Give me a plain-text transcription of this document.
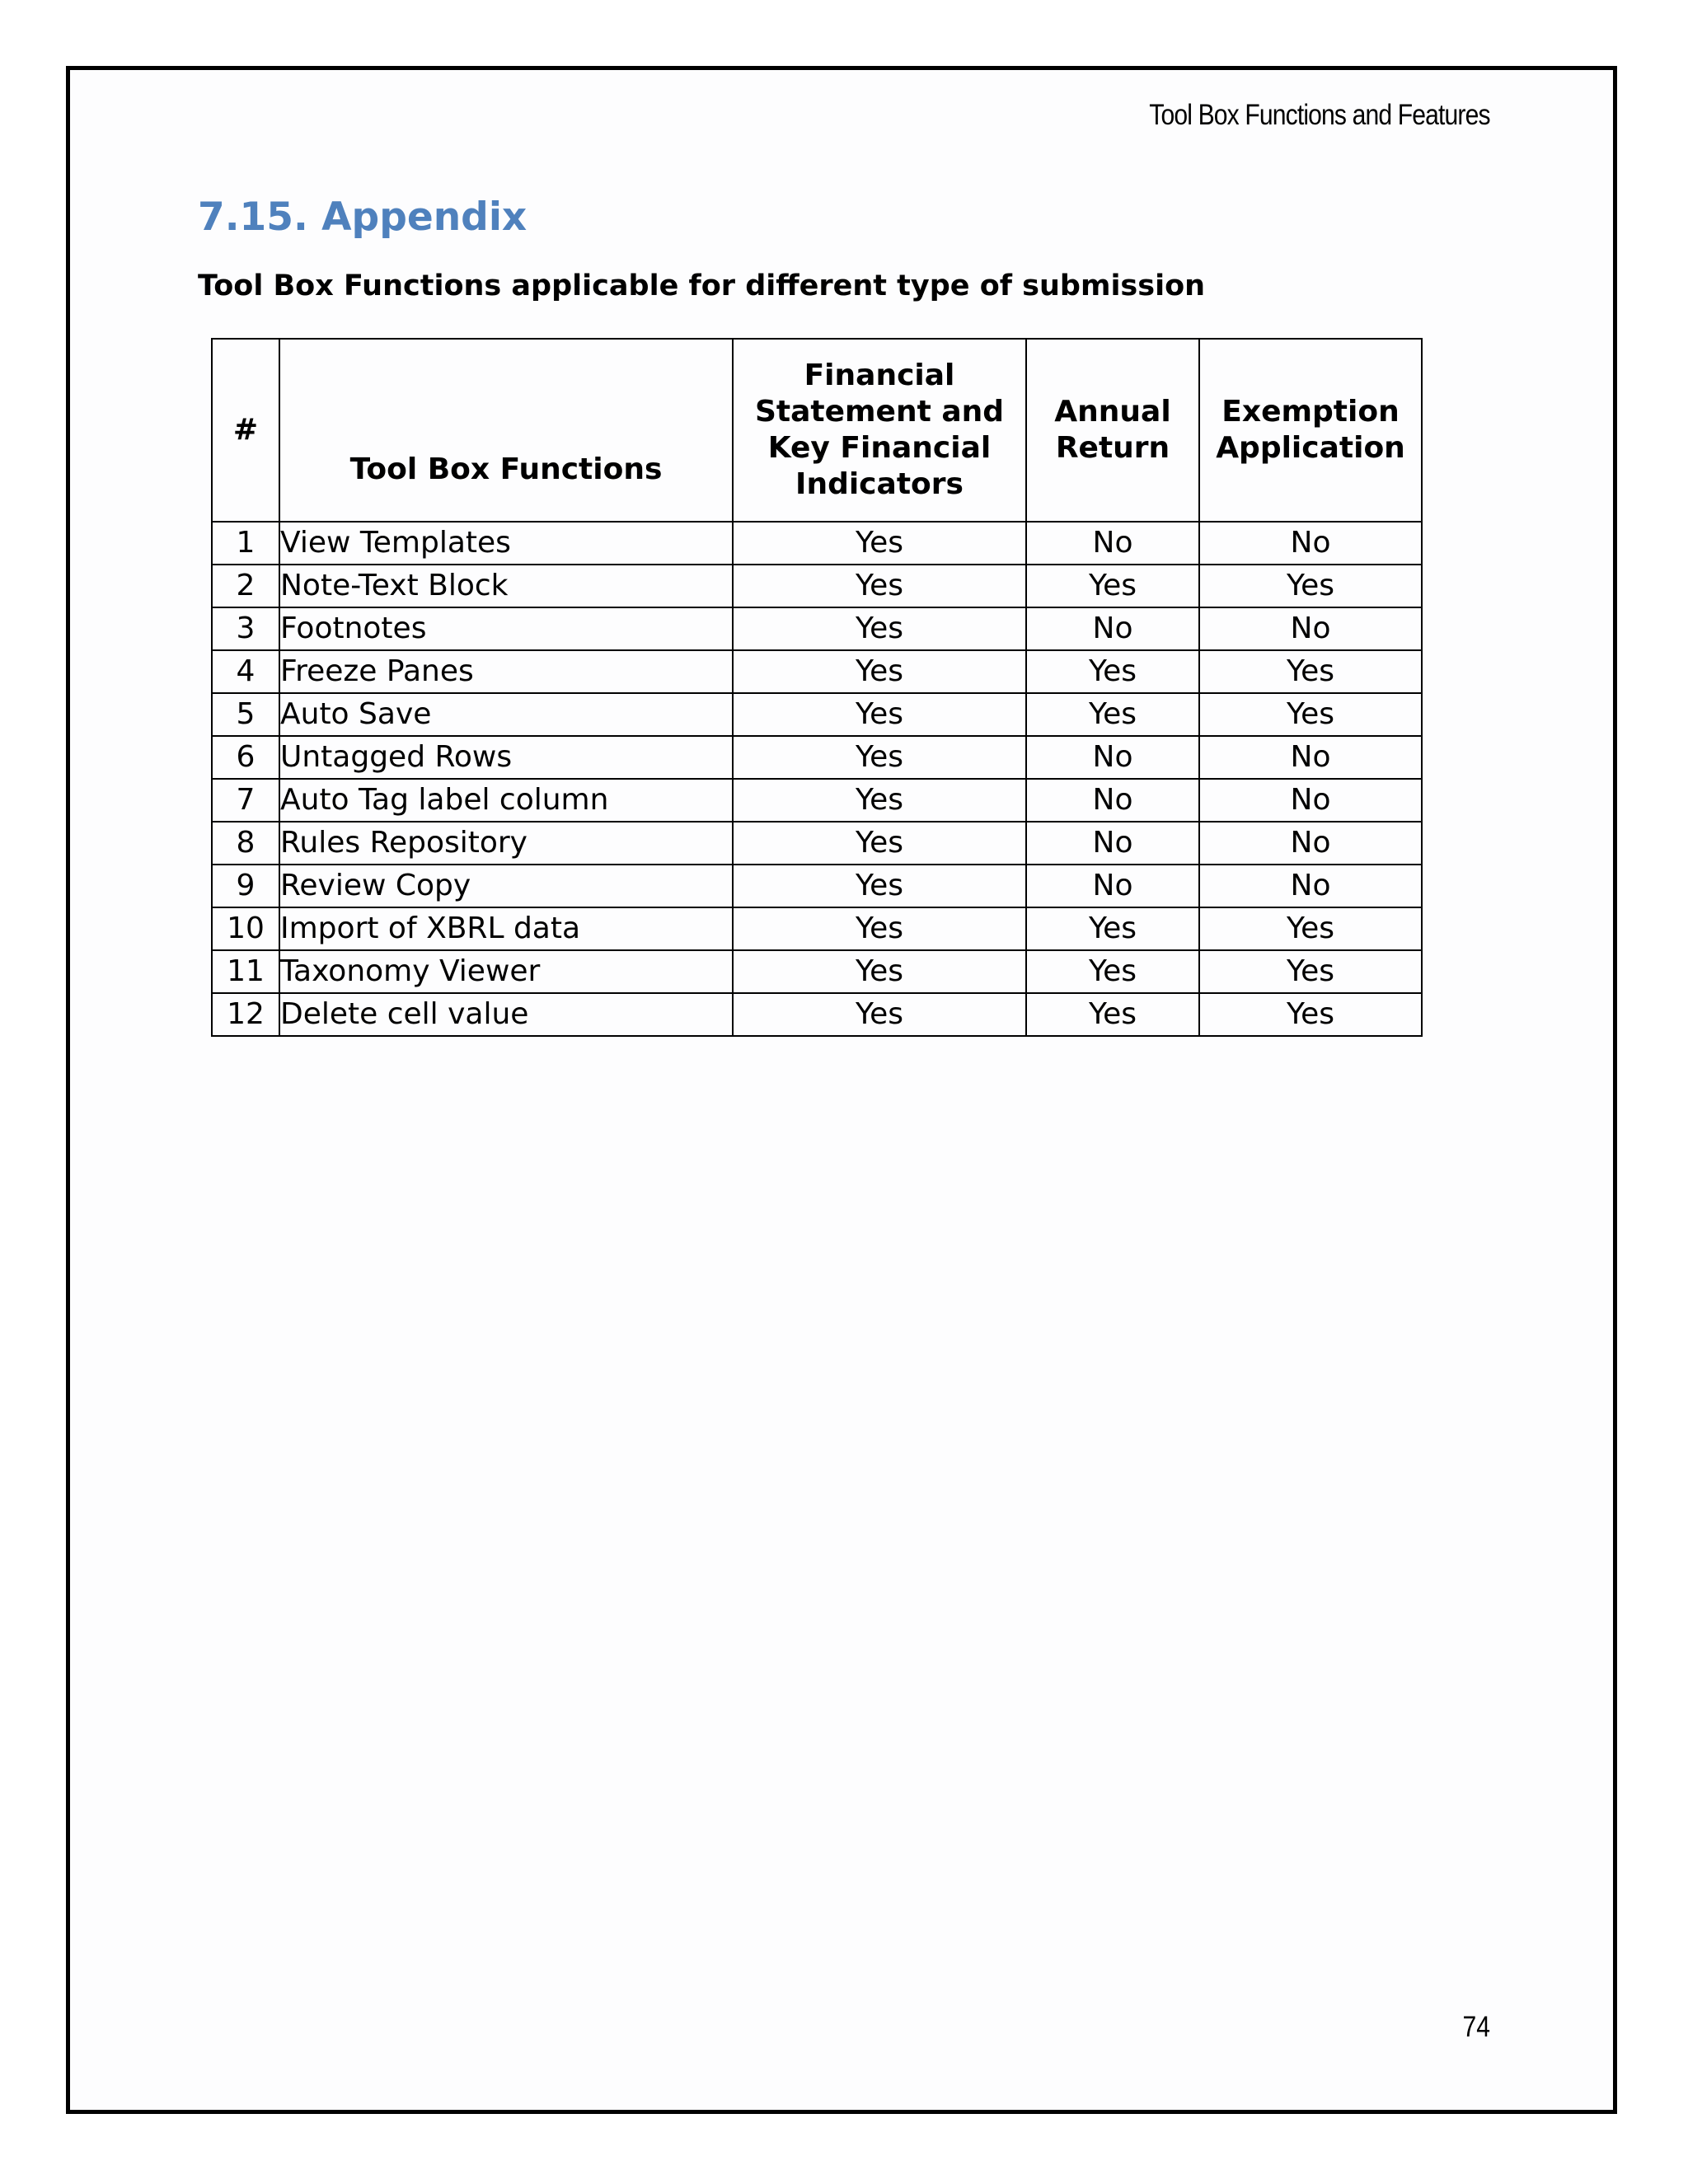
Tool Box Functions and Features
7.15. Appendix

Tool Box Functions applicable for different type of submission

#	Tool Box Functions	Financial Statement and Key Financial Indicators	Annual Return	Exemption Application
1	View Templates	Yes	No	No
2	Note-Text Block	Yes	Yes	Yes
3	Footnotes	Yes	No	No
4	Freeze Panes	Yes	Yes	Yes
5	Auto Save	Yes	Yes	Yes
6	Untagged Rows	Yes	No	No
7	Auto Tag label column	Yes	No	No
8	Rules Repository	Yes	No	No
9	Review Copy	Yes	No	No
10	Import of XBRL data	Yes	Yes	Yes
11	Taxonomy Viewer	Yes	Yes	Yes
12	Delete cell value	Yes	Yes	Yes
74
